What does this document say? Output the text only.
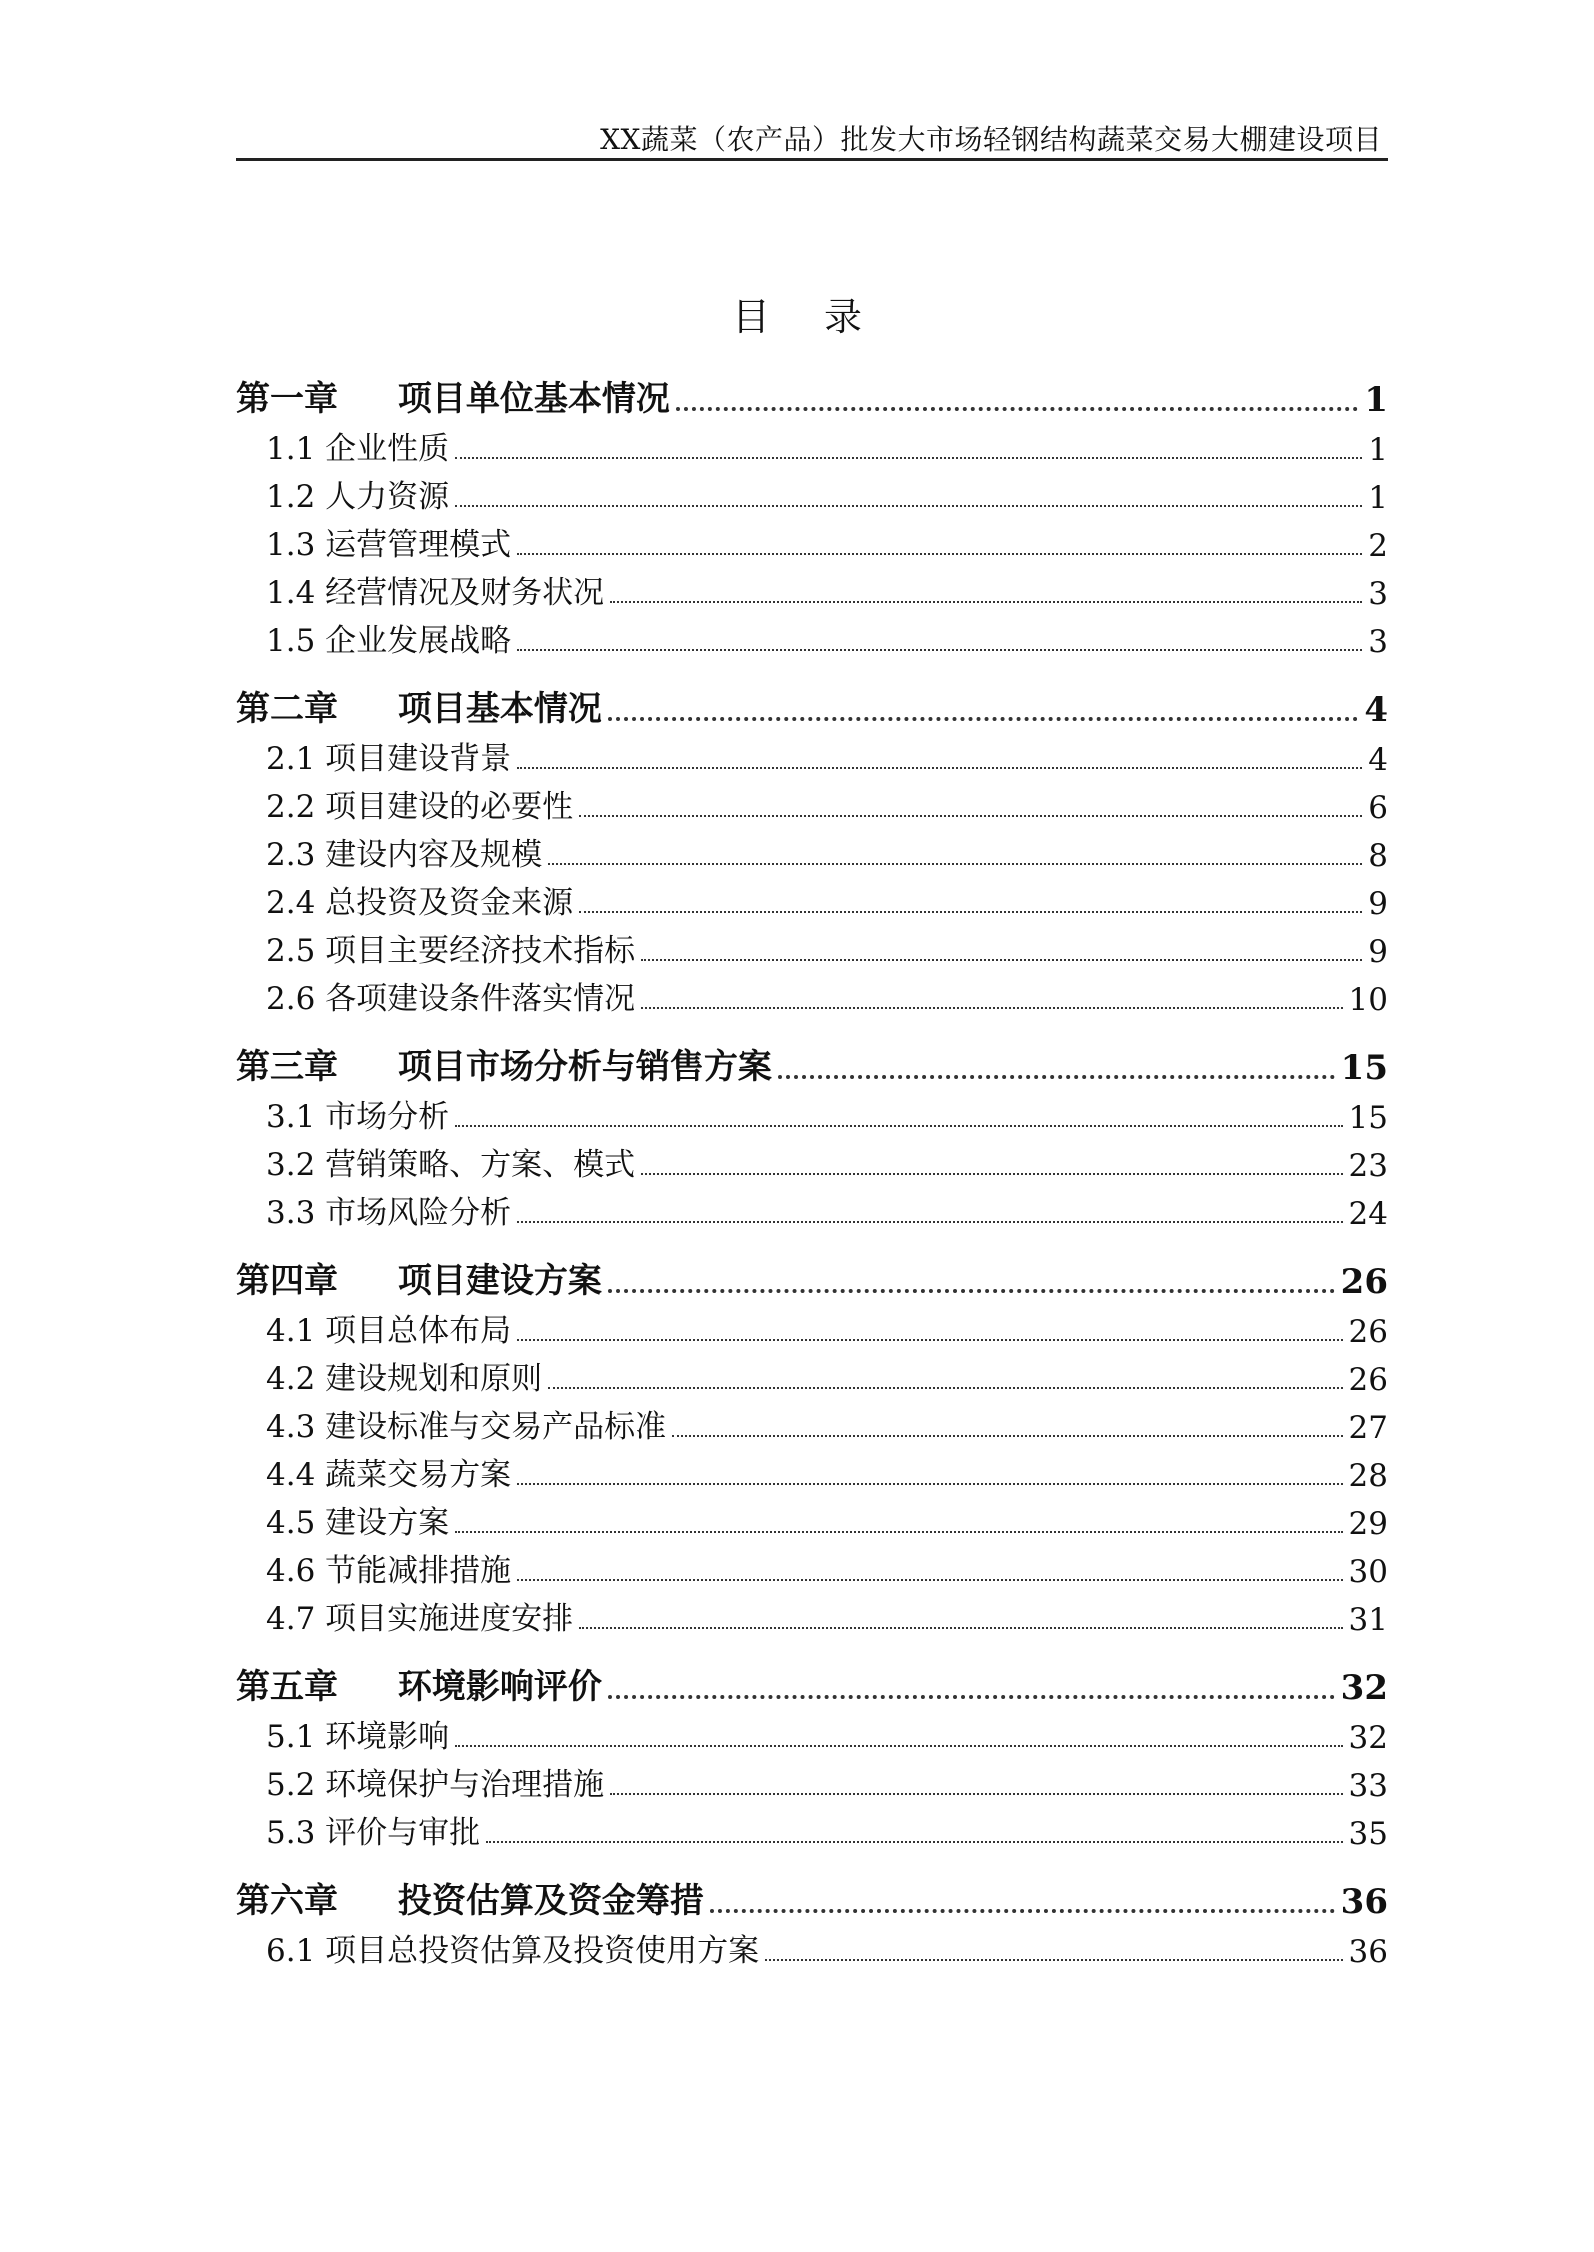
XX蔬菜（农产品）批发大市场轻钢结构蔬菜交易大棚建设项目
目录
第一章 项目单位基本情况	1
1.1 企业性质	1
1.2 人力资源	1
1.3 运营管理模式	2
1.4 经营情况及财务状况	3
1.5 企业发展战略	3
第二章 项目基本情况	4
2.1 项目建设背景	4
2.2 项目建设的必要性	6
2.3 建设内容及规模	8
2.4 总投资及资金来源	9
2.5 项目主要经济技术指标	9
2.6 各项建设条件落实情况	10
第三章 项目市场分析与销售方案	15
3.1 市场分析	15
3.2 营销策略、方案、模式	23
3.3 市场风险分析	24
第四章 项目建设方案	26
4.1 项目总体布局	26
4.2 建设规划和原则	26
4.3 建设标准与交易产品标准	27
4.4 蔬菜交易方案	28
4.5 建设方案	29
4.6 节能减排措施	30
4.7 项目实施进度安排	31
第五章 环境影响评价	32
5.1 环境影响	32
5.2 环境保护与治理措施	33
5.3 评价与审批	35
第六章 投资估算及资金筹措	36
6.1 项目总投资估算及投资使用方案	36
